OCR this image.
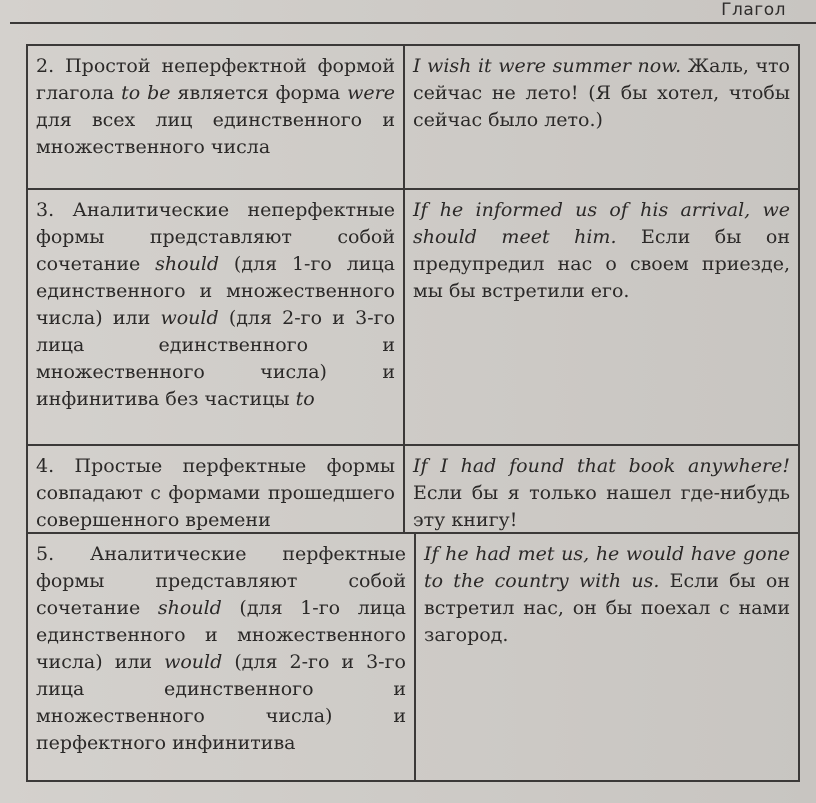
Глагол
2. Простой неперфектной формой глагола to be является форма were для всех лиц единственного и множественного числа
I wish it were summer now. Жаль, что сейчас не лето! (Я бы хотел, чтобы сейчас было лето.)
3. Аналитические неперфектные формы представляют собой сочетание should (для 1-го лица единственного и множественного числа) или would (для 2-го и 3-го лица единственного и множественного числа) и инфинитива без частицы to
If he informed us of his arrival, we should meet him. Если бы он предупредил нас о своем приезде, мы бы встретили его.
4. Простые перфектные формы совпадают с формами прошедшего совершенного времени
If I had found that book anywhere! Если бы я только нашел где-нибудь эту книгу!
5. Аналитические перфектные формы представляют собой сочетание should (для 1-го лица единственного и множественного числа) или would (для 2-го и 3-го лица единственного и множественного числа) и перфектного инфинитива
If he had met us, he would have gone to the country with us. Если бы он встретил нас, он бы поехал с нами загород.
